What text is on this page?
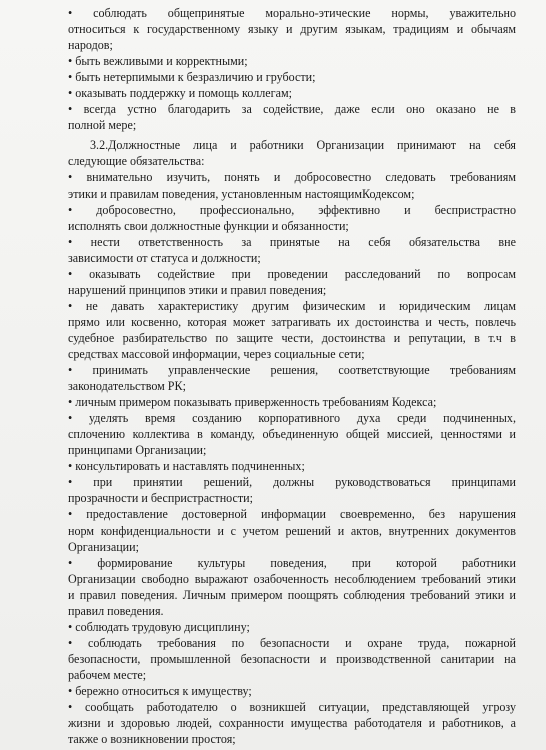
• соблюдать общепринятые морально-этические нормы, уважительно
относиться к государственному языку и другим языкам, традициям и обычаям
народов;
• быть вежливыми и корректными;
• быть нетерпимыми к безразличию и грубости;
• оказывать поддержку и помощь коллегам;
• всегда устно благодарить за содействие, даже если оно оказано не в
полной мере;
3.2.Должностные лица и работники Организации принимают на себя
следующие обязательства:
• внимательно изучить, понять и добросовестно следовать требованиям
этики и правилам поведения, установленным настоящимКодексом;
• добросовестно, профессионально, эффективно и беспристрастно
исполнять свои должностные функции и обязанности;
• нести ответственность за принятые на себя обязательства вне
зависимости от статуса и должности;
• оказывать содействие при проведении расследований по вопросам
нарушений принципов этики и правил поведения;
• не давать характеристику другим физическим и юридическим лицам
прямо или косвенно, которая может затрагивать их достоинства и честь, повлечь
судебное разбирательство по защите чести, достоинства и репутации, в т.ч в
средствах массовой информации, через социальные сети;
• принимать управленческие решения, соответствующие требованиям
законодательством РК;
• личным примером показывать приверженность требованиям Кодекса;
• уделять время созданию корпоративного духа среди подчиненных,
сплочению коллектива в команду, объединенную общей миссией, ценностями и
принципами Организации;
• консультировать и наставлять подчиненных;
• при принятии решений, должны руководствоваться принципами
прозрачности и беспристрастности;
• предоставление достоверной информации своевременно, без нарушения
норм конфиденциальности и с учетом решений и актов, внутренних документов
Организации;
• формирование культуры поведения, при которой работники
Организации свободно выражают озабоченность несоблюдением требований этики
и правил поведения. Личным примером поощрять соблюдения требований этики и
правил поведения.
• соблюдать трудовую дисциплину;
• соблюдать требования по безопасности и охране труда, пожарной
безопасности, промышленной безопасности и производственной санитарии на
рабочем месте;
• бережно относиться к имуществу;
• сообщать работодателю о возникшей ситуации, представляющей угрозу
жизни и здоровью людей, сохранности имущества работодателя и работников, а
также о возникновении простоя;
